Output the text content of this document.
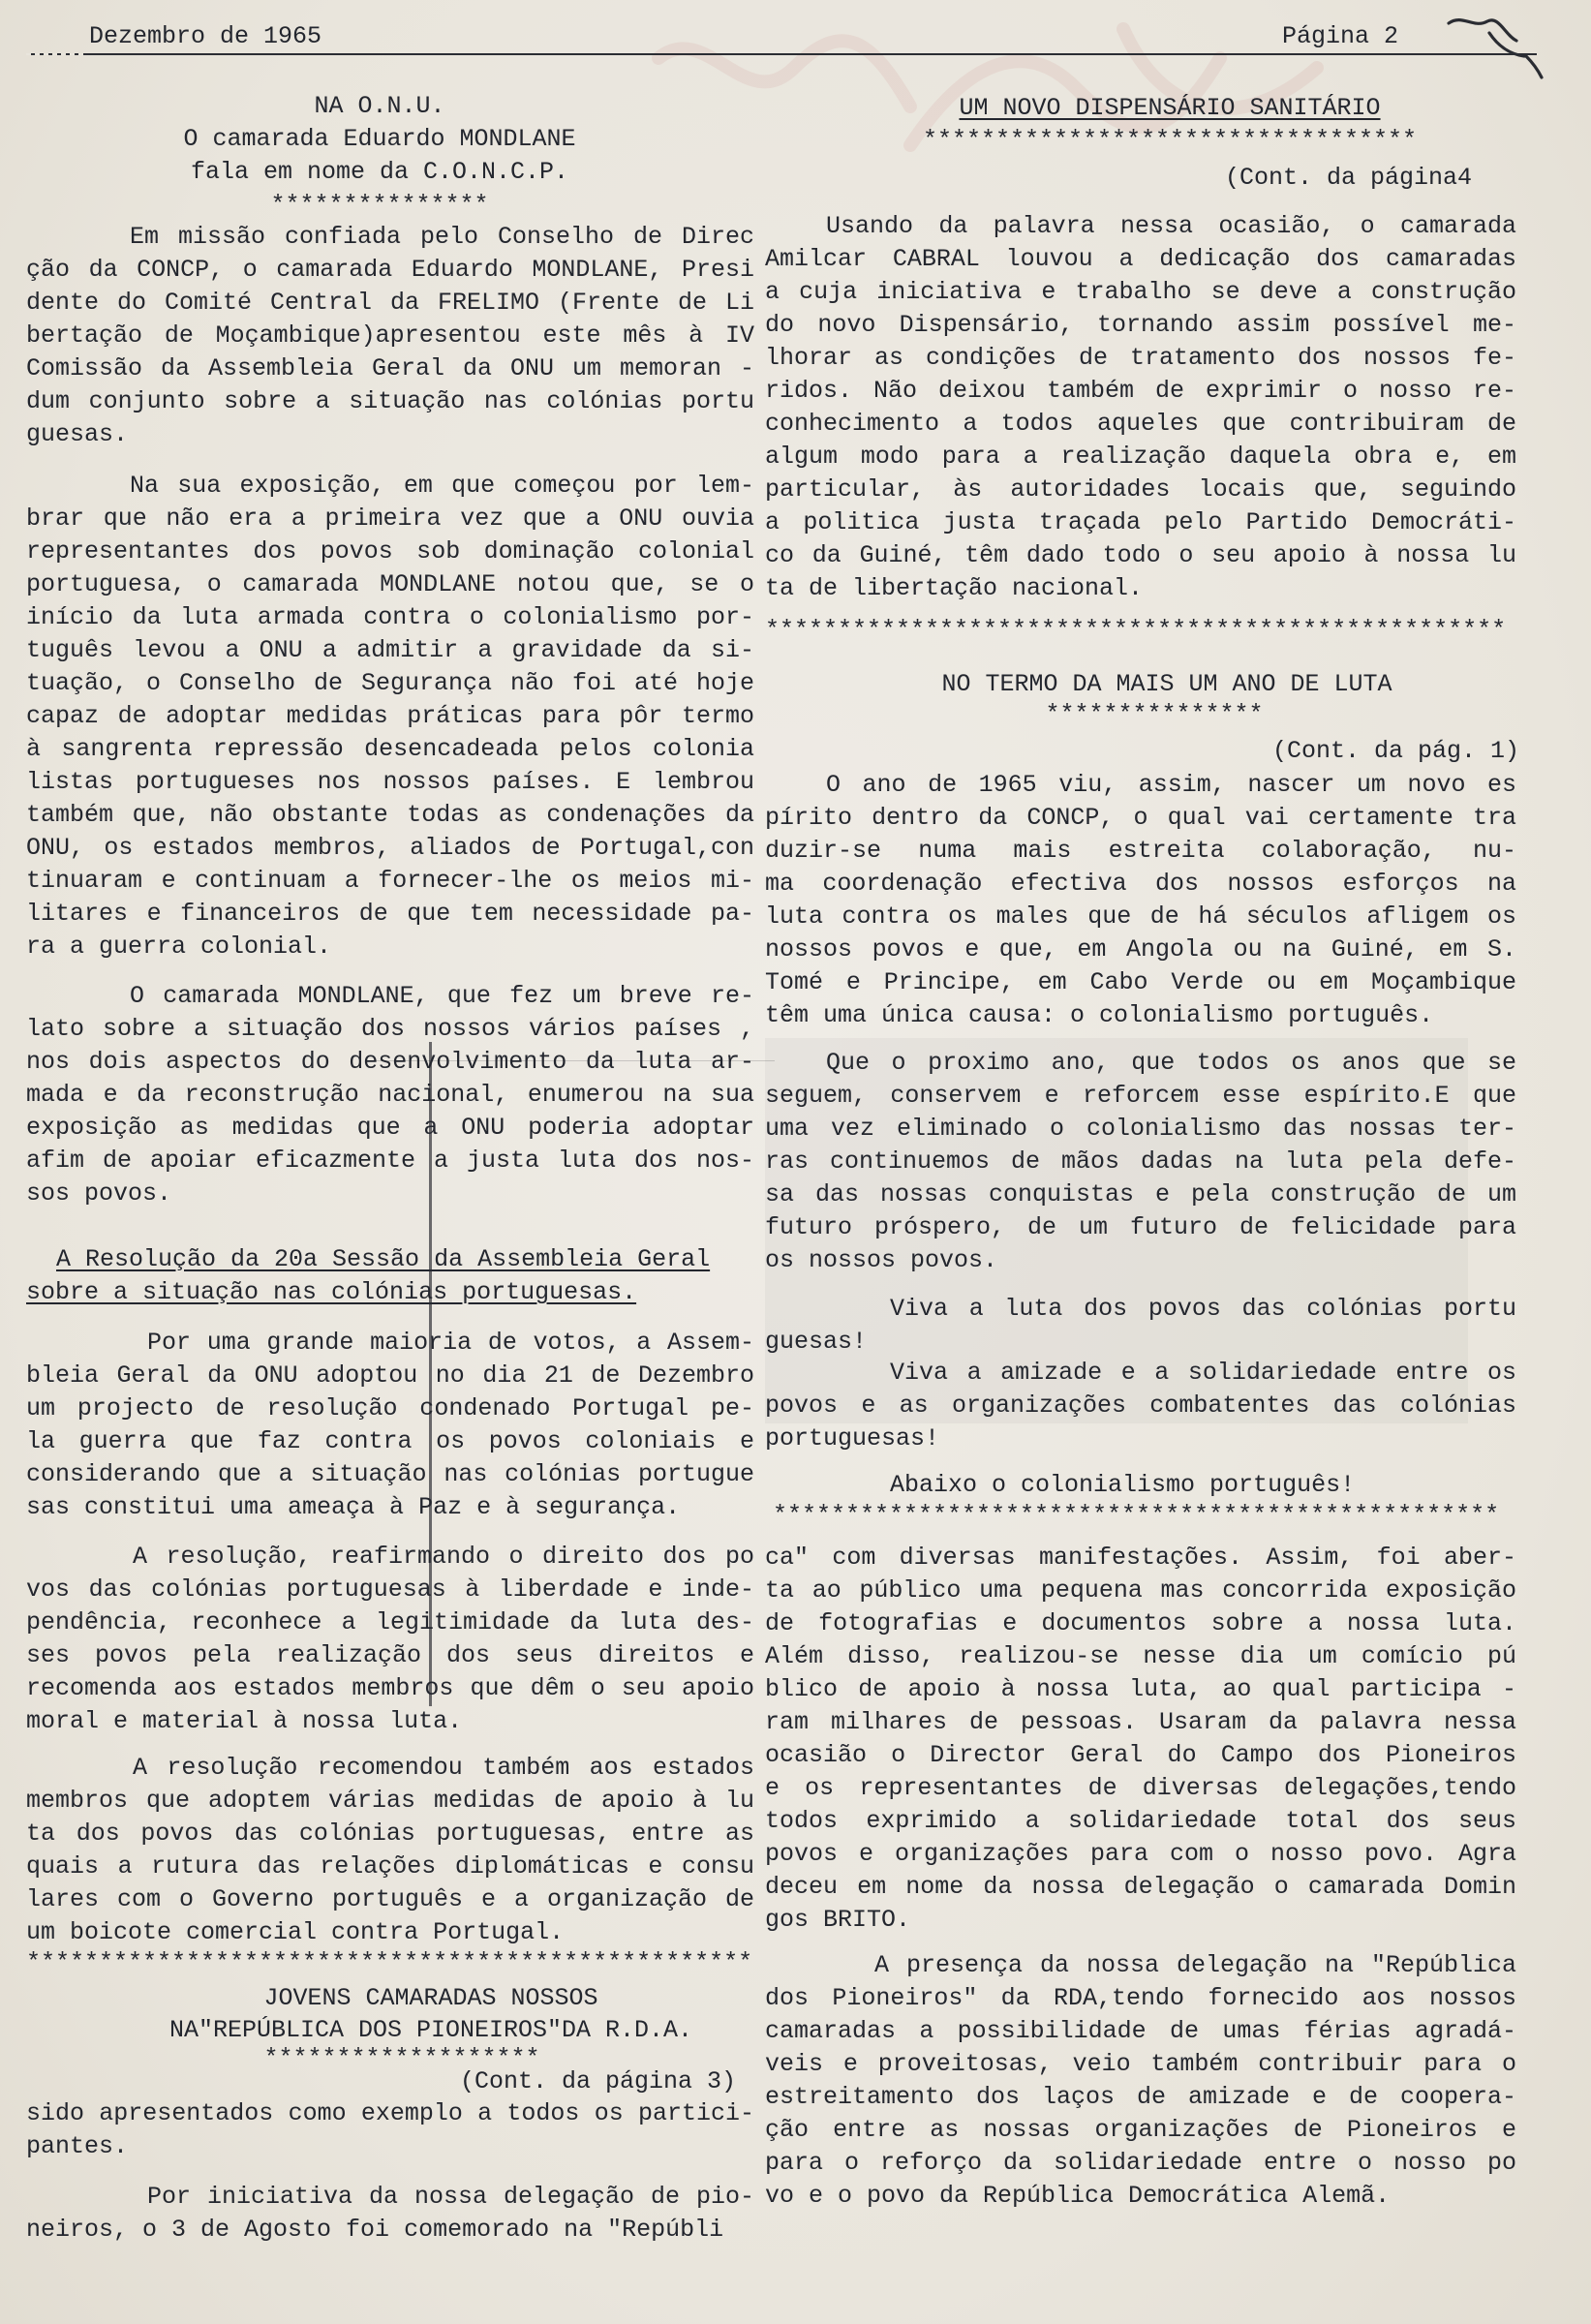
Dezembro de 1965	Página 2
NA O.N.U.
O camarada Eduardo MONDLANE
fala em nome da C.O.N.C.P.
***************
Em missão confiada pelo Conselho de Direc
ção da CONCP, o camarada Eduardo MONDLANE, Presi
dente do Comité Central da FRELIMO (Frente de Li
bertação de Moçambique)apresentou este mês à IV
Comissão da Assembleia Geral da ONU um memoran -
dum conjunto sobre a situação nas colónias portu
guesas.
Na sua exposição, em que começou por lem-
brar que não era a primeira vez que a ONU ouvia
representantes dos povos sob dominação colonial
portuguesa, o camarada MONDLANE notou que, se o
início da luta armada contra o colonialismo por-
tuguês levou a ONU a admitir a gravidade da si-
tuação, o Conselho de Segurança não foi até hoje
capaz de adoptar medidas práticas para pôr termo
à sangrenta repressão desencadeada pelos colonia
listas portugueses nos nossos países. E lembrou
também que, não obstante todas as condenações da
ONU, os estados membros, aliados de Portugal,con
tinuaram e continuam a fornecer-lhe os meios mi-
litares e financeiros de que tem necessidade pa-
ra a guerra colonial.
O camarada MONDLANE, que fez um breve re-
lato sobre a situação dos nossos vários países ,
nos dois aspectos do desenvolvimento da luta ar-
mada e da reconstrução nacional, enumerou na sua
exposição as medidas que a ONU poderia adoptar
afim de apoiar eficazmente a justa luta dos nos-
sos povos.
A Resolução da 20a Sessão da Assembleia Geral
sobre a situação nas colónias portuguesas.
Por uma grande maioria de votos, a Assem-
bleia Geral da ONU adoptou no dia 21 de Dezembro
um projecto de resolução condenado Portugal pe-
la guerra que faz contra os povos coloniais e
considerando que a situação nas colónias portugue
sas constitui uma ameaça à Paz e à segurança.
A resolução, reafirmando o direito dos po
vos das colónias portuguesas à liberdade e inde-
pendência, reconhece a legitimidade da luta des-
ses povos pela realização dos seus direitos e
recomenda aos estados membros que dêm o seu apoio
moral e material à nossa luta.
A resolução recomendou também aos estados
membros que adoptem várias medidas de apoio à lu
ta dos povos das colónias portuguesas, entre as
quais a rutura das relações diplomáticas e consu
lares com o Governo português e a organização de
um boicote comercial contra Portugal.
**************************************************
JOVENS CAMARADAS NOSSOS
NA"REPÚBLICA DOS PIONEIROS"DA R.D.A.
*******************
(Cont. da página 3)
sido apresentados como exemplo a todos os partici-
pantes.
Por iniciativa da nossa delegação de pio-
neiros, o 3 de Agosto foi comemorado na "Repúbli
UM NOVO DISPENSÁRIO SANITÁRIO
**********************************
(Cont. da página4
Usando da palavra nessa ocasião, o camarada
Amilcar CABRAL louvou a dedicação dos camaradas
a cuja iniciativa e trabalho se deve a construção
do novo Dispensário, tornando assim possível me-
lhorar as condições de tratamento dos nossos fe-
ridos. Não deixou também de exprimir o nosso re-
conhecimento a todos aqueles que contribuiram de
algum modo para a realização daquela obra e, em
particular, às autoridades locais que, seguindo
a politica justa traçada pelo Partido Democráti-
co da Guiné, têm dado todo o seu apoio à nossa lu
ta de libertação nacional.
***************************************************
NO TERMO DA MAIS UM ANO DE LUTA
***************
(Cont. da pág. 1)
O ano de 1965 viu, assim, nascer um novo es
pírito dentro da CONCP, o qual vai certamente tra
duzir-se numa mais estreita colaboração, nu-
ma coordenação efectiva dos nossos esforços na
luta contra os males que de há séculos afligem os
nossos povos e que, em Angola ou na Guiné, em S.
Tomé e Principe, em Cabo Verde ou em Moçambique
têm uma única causa: o colonialismo português.
Que o proximo ano, que todos os anos que se
seguem, conservem e reforcem esse espírito.E que
uma vez eliminado o colonialismo das nossas ter-
ras continuemos de mãos dadas na luta pela defe-
sa das nossas conquistas e pela construção de um
futuro próspero, de um futuro de felicidade para
os nossos povos.
Viva a luta dos povos das colónias portu
guesas!
Viva a amizade e a solidariedade entre os
povos e as organizações combatentes das colónias
portuguesas!
Abaixo o colonialismo português!
**************************************************
ca" com diversas manifestações. Assim, foi aber-
ta ao público uma pequena mas concorrida exposição
de fotografias e documentos sobre a nossa luta.
Além disso, realizou-se nesse dia um comício pú
blico de apoio à nossa luta, ao qual participa -
ram milhares de pessoas. Usaram da palavra nessa
ocasião o Director Geral do Campo dos Pioneiros
e os representantes de diversas delegações,tendo
todos exprimido a solidariedade total dos seus
povos e organizações para com o nosso povo. Agra
deceu em nome da nossa delegação o camarada Domin
gos BRITO.
A presença da nossa delegação na "República
dos Pioneiros" da RDA,tendo fornecido aos nossos
camaradas a possibilidade de umas férias agradá-
veis e proveitosas, veio também contribuir para o
estreitamento dos laços de amizade e de coopera-
ção entre as nossas organizações de Pioneiros e
para o reforço da solidariedade entre o nosso po
vo e o povo da República Democrática Alemã.
